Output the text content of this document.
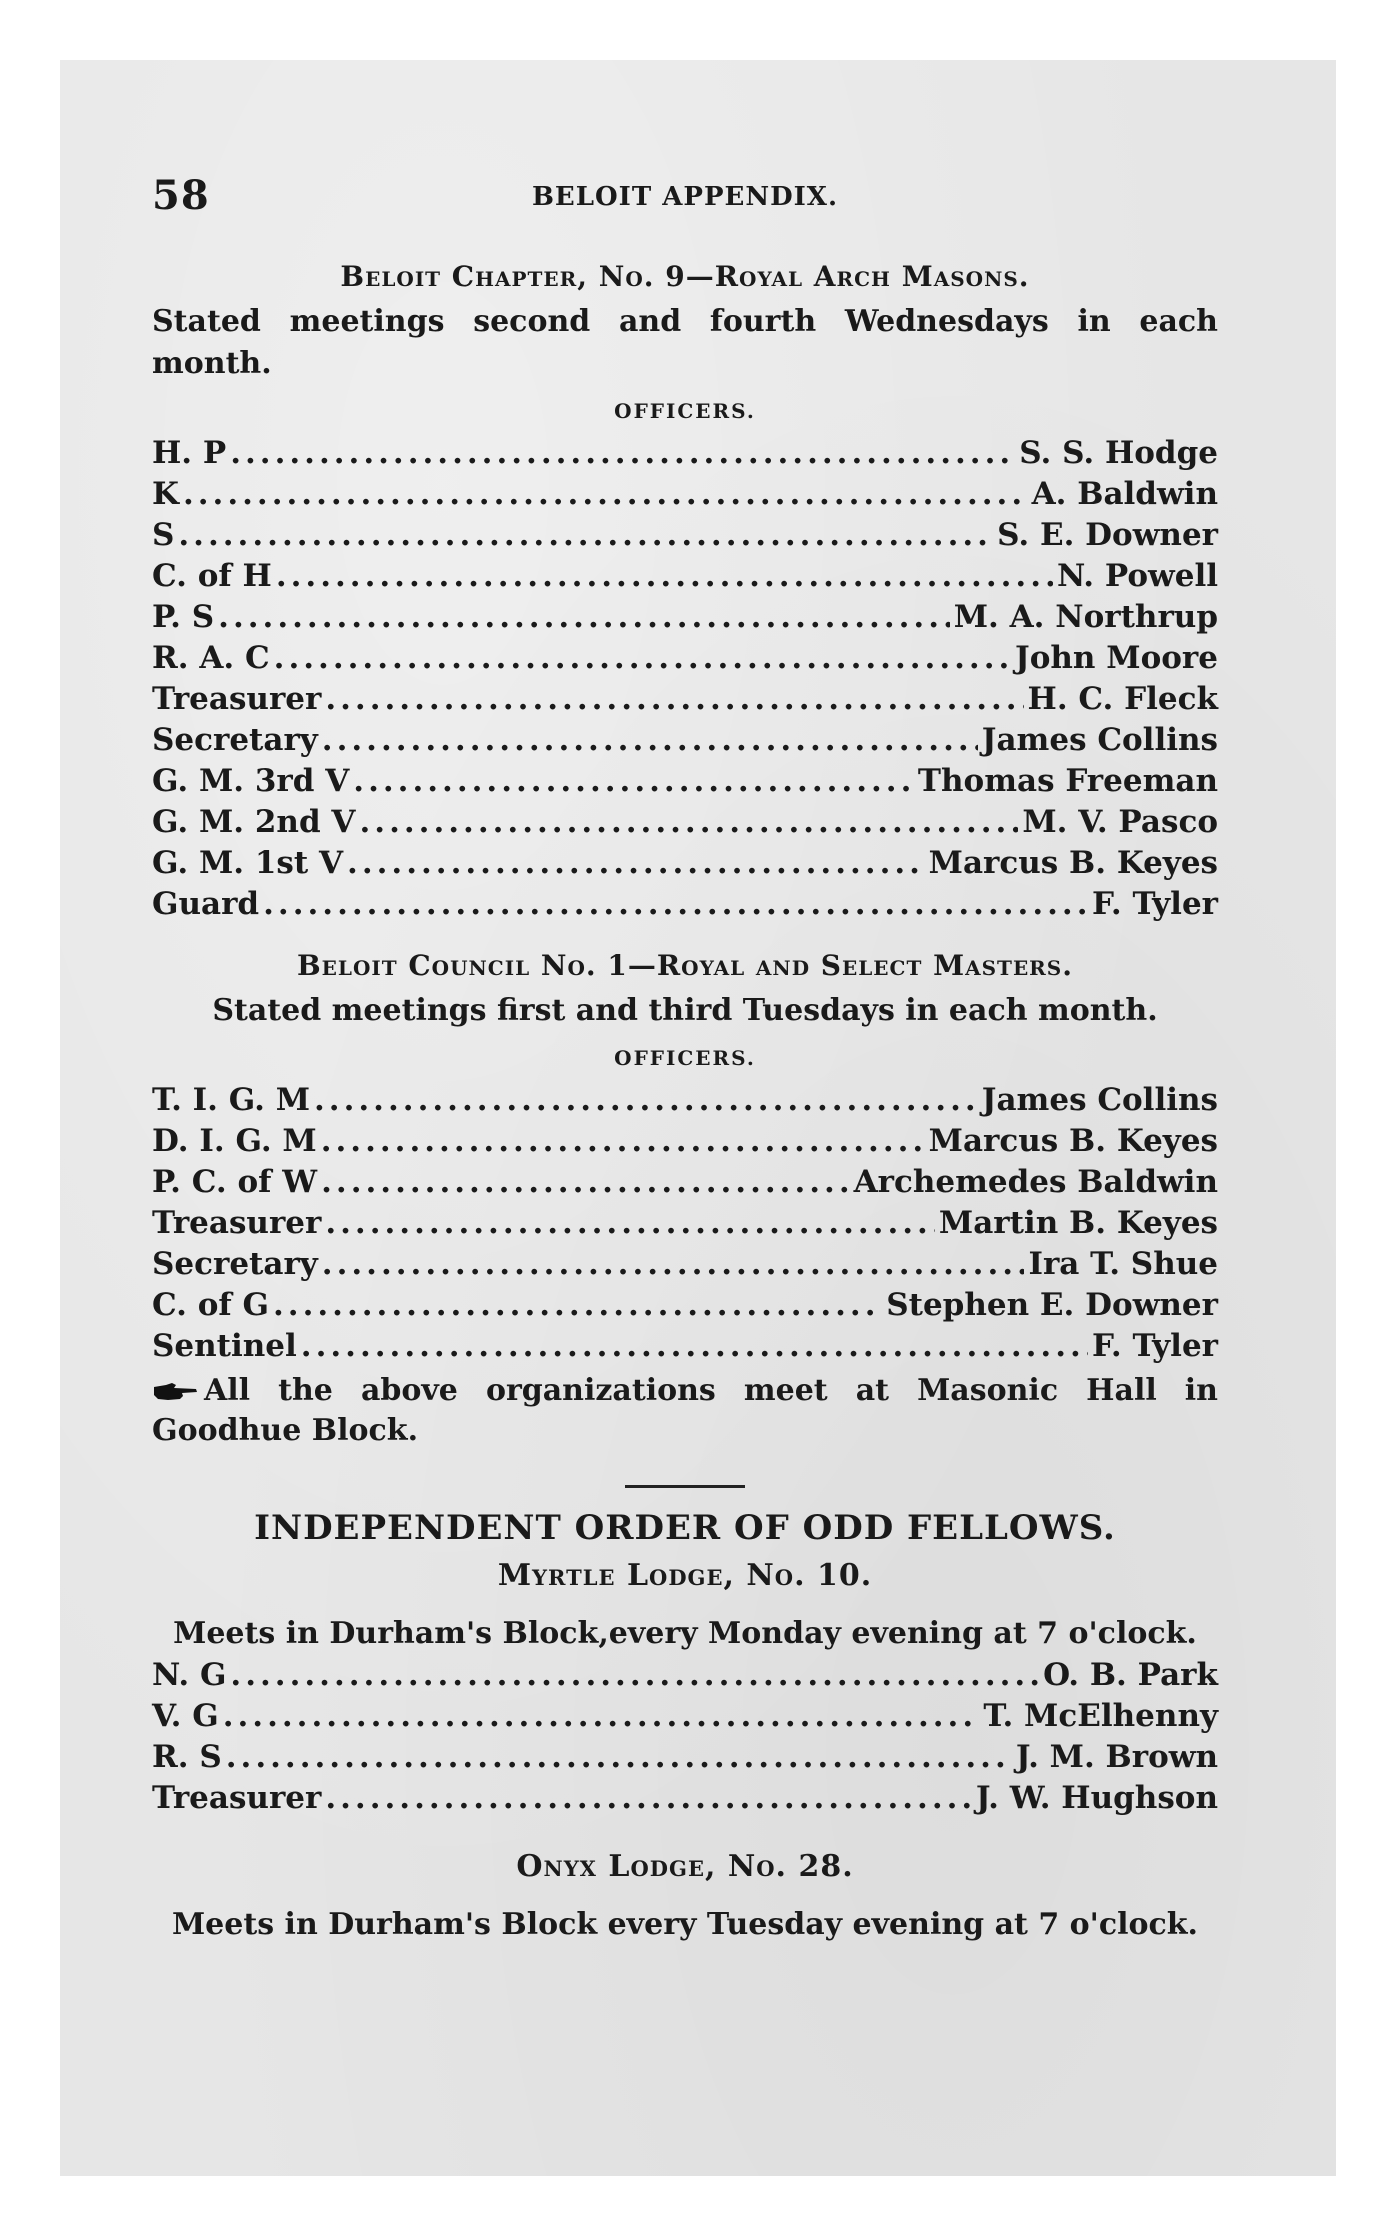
58	BELOIT APPENDIX.
Beloit Chapter, No. 9—Royal Arch Masons.
Stated meetings second and fourth Wednesdays in each month.
OFFICERS.
H. P .....	S. S. Hodge
K .....	A. Baldwin
S .....	S. E. Downer
C. of H .....	N. Powell
P. S .....	M. A. Northrup
R. A. C .....	John Moore
Treasurer .....	H. C. Fleck
Secretary .....	James Collins
G. M. 3rd V .....	Thomas Freeman
G. M. 2nd V .....	M. V. Pasco
G. M. 1st V .....	Marcus B. Keyes
Guard .....	F. Tyler
Beloit Council No. 1—Royal and Select Masters.
Stated meetings first and third Tuesdays in each month.
OFFICERS.
T. I. G. M .....	James Collins
D. I. G. M .....	Marcus B. Keyes
P. C. of W .....	Archemedes Baldwin
Treasurer .....	Martin B. Keyes
Secretary .....	Ira T. Shue
C. of G .....	Stephen E. Downer
Sentinel .....	F. Tyler
All the above organizations meet at Masonic Hall in Goodhue Block.
INDEPENDENT ORDER OF ODD FELLOWS.
Myrtle Lodge, No. 10.
Meets in Durham's Block,every Monday evening at 7 o'clock.
N. G .....	O. B. Park
V. G .....	T. McElhenny
R. S .....	J. M. Brown
Treasurer .....	J. W. Hughson
Onyx Lodge, No. 28.
Meets in Durham's Block every Tuesday evening at 7 o'clock.
